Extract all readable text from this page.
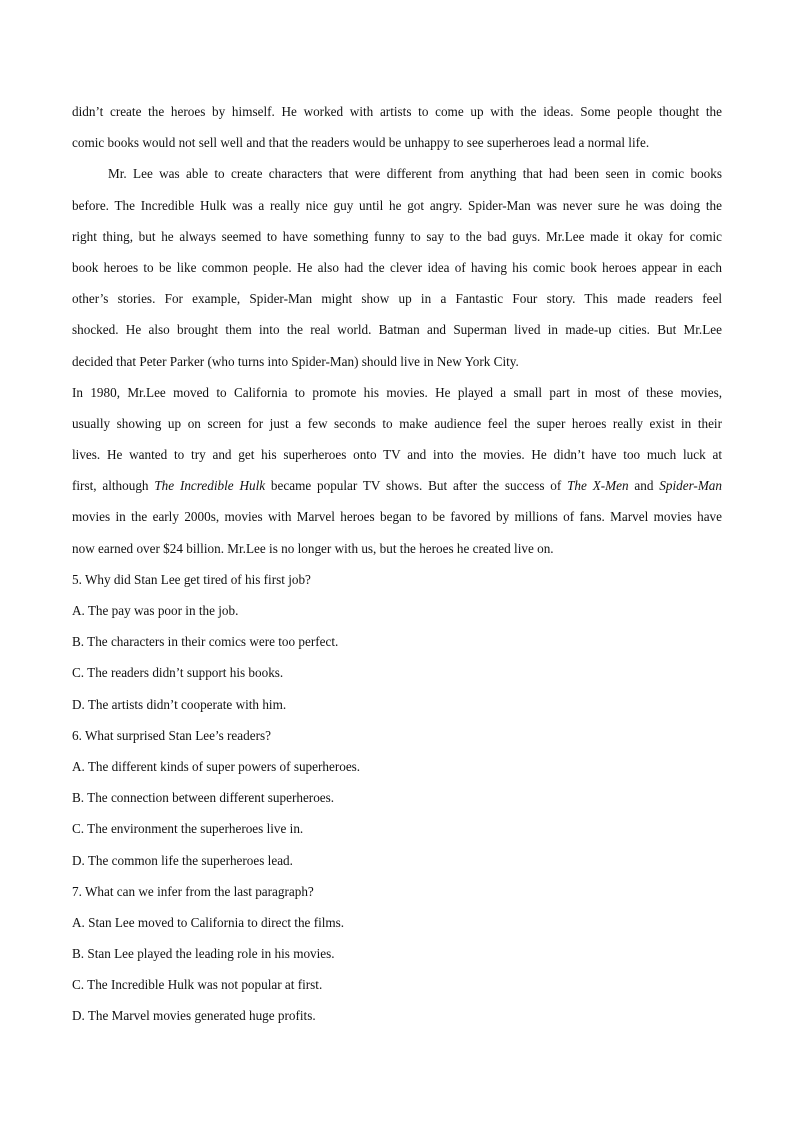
didn’t create the heroes by himself. He worked with artists to come up with the ideas. Some people thought the
comic books would not sell well and that the readers would be unhappy to see superheroes lead a normal life.
Mr. Lee was able to create characters that were different from anything that had been seen in comic books
before. The Incredible Hulk was a really nice guy until he got angry. Spider-Man was never sure he was doing the
right thing, but he always seemed to have something funny to say to the bad guys. Mr.Lee made it okay for comic
book heroes to be like common people. He also had the clever idea of having his comic book heroes appear in each
other’s stories. For example, Spider-Man might show up in a Fantastic Four story. This made readers feel
shocked. He also brought them into the real world. Batman and Superman lived in made-up cities. But Mr.Lee
decided that Peter Parker (who turns into Spider-Man) should live in New York City.
In 1980, Mr.Lee moved to California to promote his movies. He played a small part in most of these movies,
usually showing up on screen for just a few seconds to make audience feel the super heroes really exist in their
lives. He wanted to try and get his superheroes onto TV and into the movies. He didn’t have too much luck at
first, although The Incredible Hulk became popular TV shows. But after the success of The X-Men and Spider-Man
movies in the early 2000s, movies with Marvel heroes began to be favored by millions of fans. Marvel movies have
now earned over $24 billion. Mr.Lee is no longer with us, but the heroes he created live on.
5. Why did Stan Lee get tired of his first job?
A. The pay was poor in the job.
B. The characters in their comics were too perfect.
C. The readers didn’t support his books.
D. The artists didn’t cooperate with him.
6. What surprised Stan Lee’s readers?
A. The different kinds of super powers of superheroes.
B. The connection between different superheroes.
C. The environment the superheroes live in.
D. The common life the superheroes lead.
7. What can we infer from the last paragraph?
A. Stan Lee moved to California to direct the films.
B. Stan Lee played the leading role in his movies.
C. The Incredible Hulk was not popular at first.
D. The Marvel movies generated huge profits.
